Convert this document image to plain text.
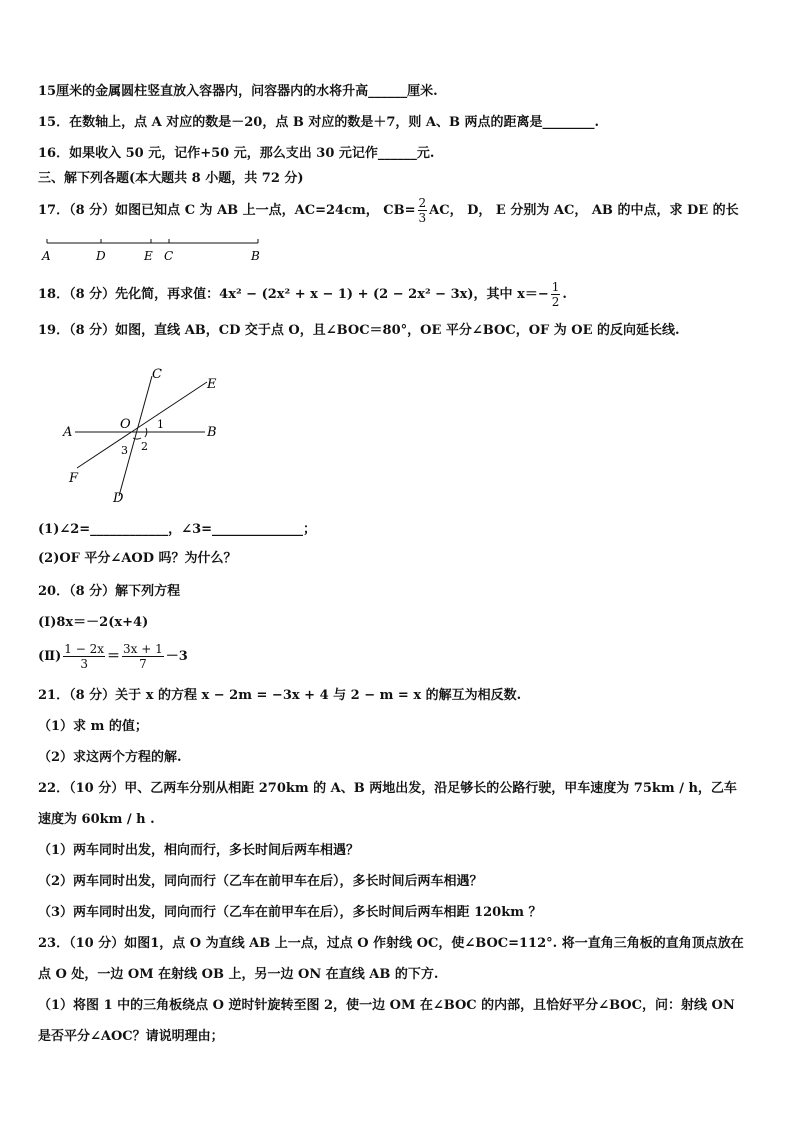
15厘米的金属圆柱竖直放入容器内，问容器内的水将升高______厘米.
15．在数轴上，点 A 对应的数是－20，点 B 对应的数是＋7，则 A、B 两点的距离是________.
16．如果收入 50 元，记作+50 元，那么支出 30 元记作______元.
三、解下列各题(本大题共 8 小题，共 72 分)
17．（8 分）如图已知点 C 为 AB 上一点，AC=24cm， $CB= \frac{2}{3}$ AC， D， E 分别为 AC， AB 的中点，求 DE 的长
A	D	E C	B
18．（8 分）先化简，再求值：4x² − (2x² + x − 1) + (2 − 2x² − 3x)，其中 $x=- \frac{1}{2}$ .
19．（8 分）如图，直线 AB，CD 交于点 O，且∠BOC＝80°，OE 平分∠BOC，OF 为 OE 的反向延长线.
C
E
O
A	B
F
D
1
2
3
(1)∠2=____________，∠3=______________；
(2)OF 平分∠AOD 吗？为什么？
20．（8 分）解下列方程
(Ⅰ)8x＝－2(x+4)
(Ⅱ) $\frac{1 - 2x}{3} = \frac{3x + 1}{7} -3$
21．（8 分）关于 x 的方程 x − 2m = −3x + 4 与 2 − m = x 的解互为相反数.
（1）求 m 的值；
（2）求这两个方程的解.
22．（10 分）甲、乙两车分别从相距 270km 的 A、B 两地出发，沿足够长的公路行驶，甲车速度为 75km / h，乙车
速度为 60km / h .
（1）两车同时出发，相向而行，多长时间后两车相遇？
（2）两车同时出发，同向而行（乙车在前甲车在后），多长时间后两车相遇？
（3）两车同时出发，同向而行（乙车在前甲车在后），多长时间后两车相距 120km ？
23．（10 分）如图1，点 O 为直线 AB 上一点，过点 O 作射线 OC，使∠BOC=112°. 将一直角三角板的直角顶点放在
点 O 处，一边 OM 在射线 OB 上，另一边 ON 在直线 AB 的下方.
（1）将图 1 中的三角板绕点 O 逆时针旋转至图 2，使一边 OM 在∠BOC 的内部，且恰好平分∠BOC，问：射线 ON
是否平分∠AOC？请说明理由；
